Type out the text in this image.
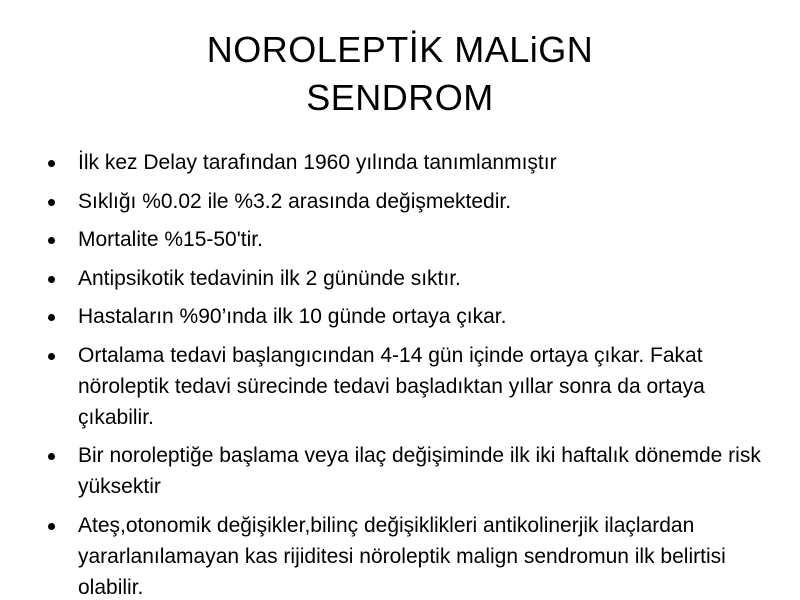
NOROLEPTİK MALiGN
SENDROM
İlk kez Delay tarafından 1960 yılında tanımlanmıştır
Sıklığı %0.02 ile %3.2 arasında değişmektedir.
Mortalite %15-50'tir.
Antipsikotik tedavinin ilk 2 gününde sıktır.
Hastaların %90’ında ilk 10 günde ortaya çıkar.
Ortalama tedavi başlangıcından 4-14 gün içinde ortaya çıkar. Fakat nöroleptik tedavi sürecinde tedavi başladıktan yıllar sonra da ortaya çıkabilir.
Bir noroleptiğe başlama veya ilaç değişiminde ilk iki haftalık dönemde risk yüksektir
Ateş,otonomik değişikler,bilinç değişiklikleri antikolinerjik ilaçlardan yararlanılamayan kas rijiditesi nöroleptik malign sendromun ilk belirtisi olabilir.
